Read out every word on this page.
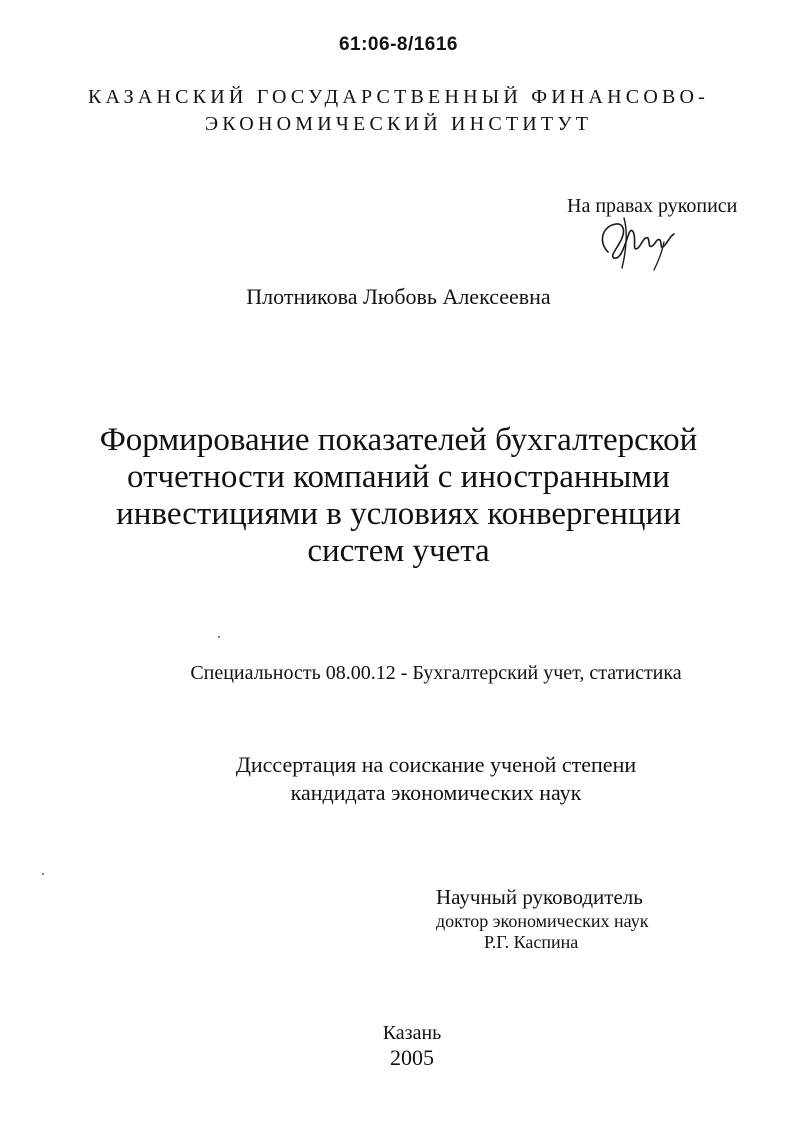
61:06-8/1616
КАЗАНСКИЙ ГОСУДАРСТВЕННЫЙ ФИНАНСОВО-
ЭКОНОМИЧЕСКИЙ ИНСТИТУТ
На правах рукописи
Плотникова Любовь Алексеевна
Формирование показателей бухгалтерской
отчетности компаний с иностранными
инвестициями в условиях конвергенции
систем учета
Специальность 08.00.12 - Бухгалтерский учет, статистика
Диссертация на соискание ученой степени
кандидата экономических наук
Научный руководитель
доктор экономических наук
Р.Г. Каспина
Казань
2005
